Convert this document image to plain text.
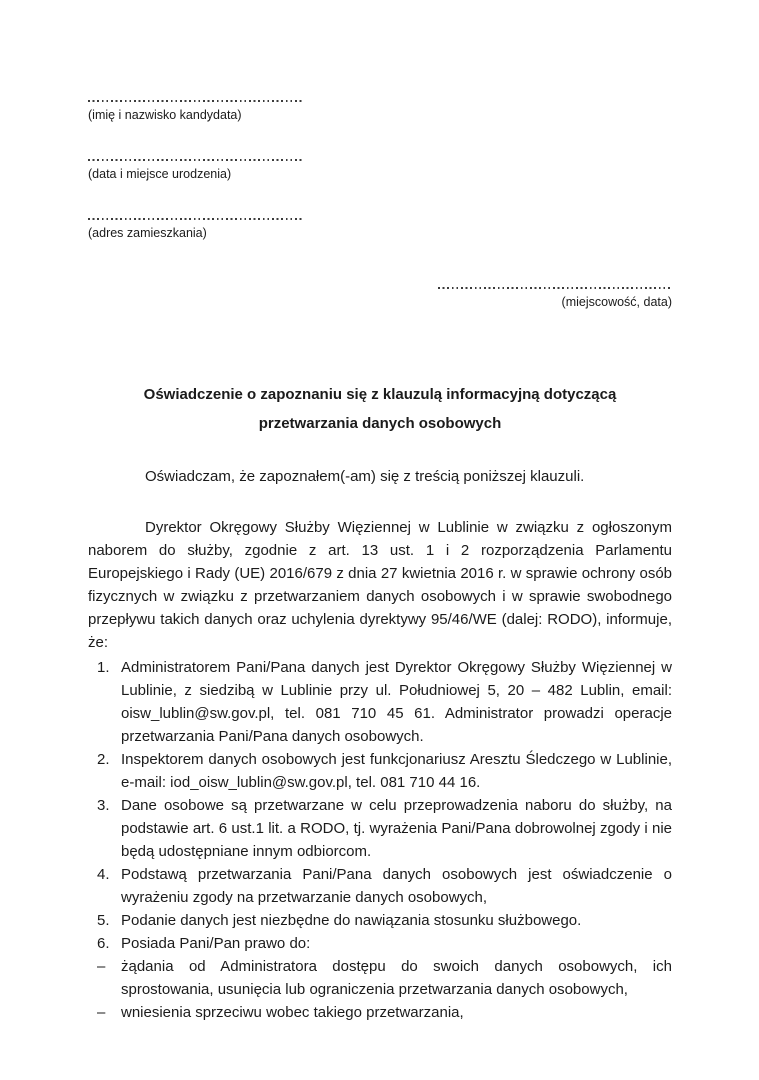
(imię i nazwisko kandydata)
(data i miejsce urodzenia)
(adres zamieszkania)
(miejscowość, data)
Oświadczenie o zapoznaniu się z klauzulą informacyjną dotyczącą przetwarzania danych osobowych
Oświadczam, że zapoznałem(-am) się z treścią poniższej klauzuli.
Dyrektor Okręgowy Służby Więziennej w Lublinie w związku z ogłoszonym naborem do służby, zgodnie z art. 13 ust. 1 i 2 rozporządzenia Parlamentu Europejskiego i Rady (UE) 2016/679 z dnia 27 kwietnia 2016 r. w sprawie ochrony osób fizycznych w związku z przetwarzaniem danych osobowych i w sprawie swobodnego przepływu takich danych oraz uchylenia dyrektywy 95/46/WE (dalej: RODO), informuje, że:
1. Administratorem Pani/Pana danych jest Dyrektor Okręgowy Służby Więziennej w Lublinie, z siedzibą w Lublinie przy ul. Południowej 5, 20 – 482 Lublin, email: oisw_lublin@sw.gov.pl, tel. 081 710 45 61. Administrator prowadzi operacje przetwarzania Pani/Pana danych osobowych.
2. Inspektorem danych osobowych jest funkcjonariusz Aresztu Śledczego w Lublinie, e-mail: iod_oisw_lublin@sw.gov.pl, tel. 081 710 44 16.
3. Dane osobowe są przetwarzane w celu przeprowadzenia naboru do służby, na podstawie art. 6 ust.1 lit. a RODO, tj. wyrażenia Pani/Pana dobrowolnej zgody i nie będą udostępniane innym odbiorcom.
4. Podstawą przetwarzania Pani/Pana danych osobowych jest oświadczenie o wyrażeniu zgody na przetwarzanie danych osobowych,
5. Podanie danych jest niezbędne do nawiązania stosunku służbowego.
6. Posiada Pani/Pan prawo do:
–	żądania od Administratora dostępu do swoich danych osobowych, ich sprostowania, usunięcia lub ograniczenia przetwarzania danych osobowych,
–	wniesienia sprzeciwu wobec takiego przetwarzania,
